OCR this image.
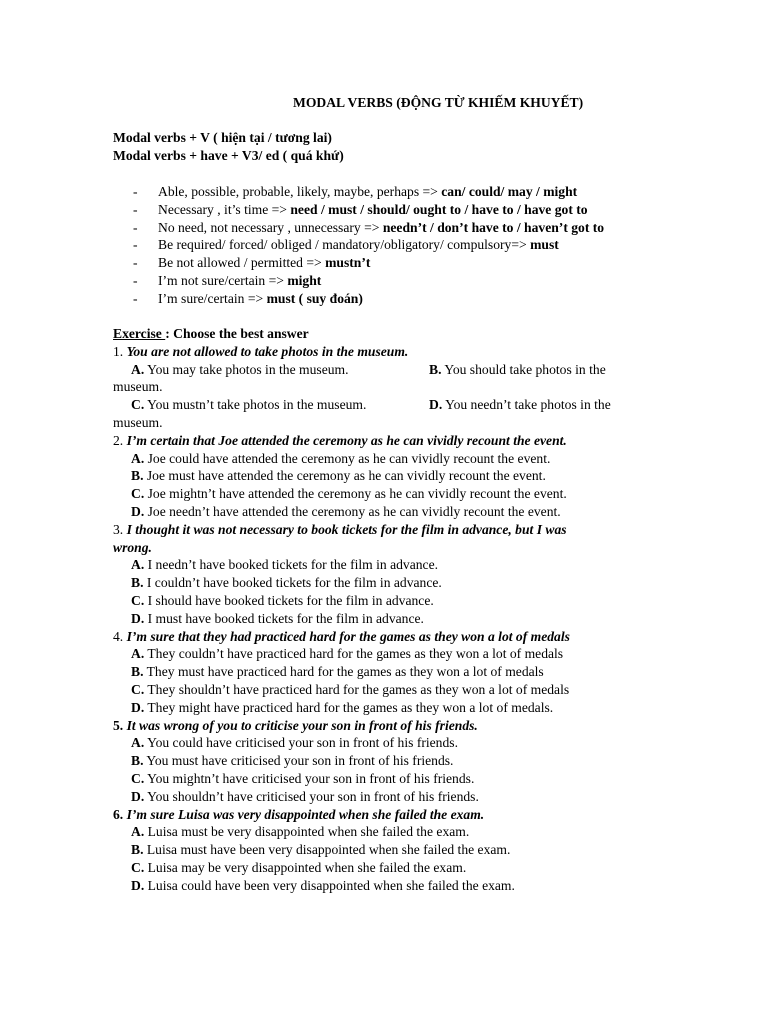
MODAL VERBS (ĐỘNG TỪ KHIẾM KHUYẾT)
Modal verbs + V ( hiện tại / tương lai)
Modal verbs + have + V3/ ed ( quá khứ)
- Able, possible, probable, likely, maybe, perhaps => can/ could/ may / might
- Necessary , it’s time => need / must / should/ ought to / have to / have got to
- No need, not necessary , unnecessary => needn’t / don’t have to / haven’t got to
- Be required/ forced/ obliged / mandatory/obligatory/ compulsory=> must
- Be not allowed / permitted => mustn’t
- I’m not sure/certain => might
- I’m sure/certain => must ( suy đoán)
Exercise : Choose the best answer
1. You are not allowed to take photos in the museum.
A. You may take photos in the museum.	B. You should take photos in the
museum.
C. You mustn’t take photos in the museum.	D. You needn’t take photos in the
museum.
2. I’m certain that Joe attended the ceremony as he can vividly recount the event.
A. Joe could have attended the ceremony as he can vividly recount the event.
B. Joe must have attended the ceremony as he can vividly recount the event.
C. Joe mightn’t have attended the ceremony as he can vividly recount the event.
D. Joe needn’t have attended the ceremony as he can vividly recount the event.
3. I thought it was not necessary to book tickets for the film in advance, but I was
wrong.
A. I needn’t have booked tickets for the film in advance.
B. I couldn’t have booked tickets for the film in advance.
C. I should have booked tickets for the film in advance.
D. I must have booked tickets for the film in advance.
4. I’m sure that they had practiced hard for the games as they won a lot of medals
A. They couldn’t have practiced hard for the games as they won a lot of medals
B. They must have practiced hard for the games as they won a lot of medals
C. They shouldn’t have practiced hard for the games as they won a lot of medals
D. They might have practiced hard for the games as they won a lot of medals.
5. It was wrong of you to criticise your son in front of his friends.
A. You could have criticised your son in front of his friends.
B. You must have criticised your son in front of his friends.
C. You mightn’t have criticised your son in front of his friends.
D. You shouldn’t have criticised your son in front of his friends.
6. I’m sure Luisa was very disappointed when she failed the exam.
A. Luisa must be very disappointed when she failed the exam.
B. Luisa must have been very disappointed when she failed the exam.
C. Luisa may be very disappointed when she failed the exam.
D. Luisa could have been very disappointed when she failed the exam.
